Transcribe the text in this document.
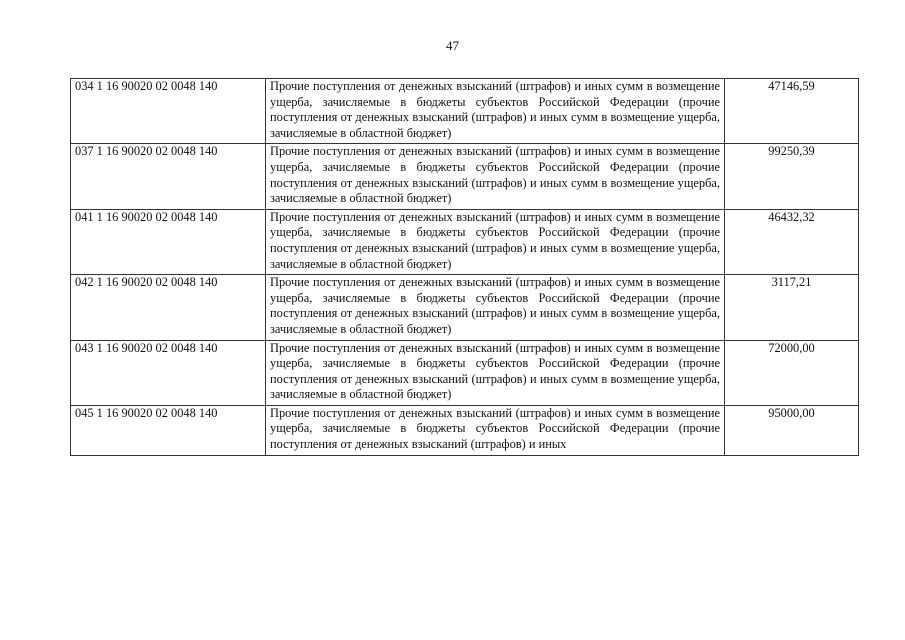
47
034 1 16 90020 02 0048 140	Прочие поступления от денежных взысканий (штрафов) и иных сумм в возмещение ущерба, зачисляемые в бюджеты субъектов Российской Федерации (прочие поступления от денежных взысканий (штрафов) и иных сумм в возмещение ущерба, зачисляемые в областной бюджет)	47146,59
037 1 16 90020 02 0048 140	Прочие поступления от денежных взысканий (штрафов) и иных сумм в возмещение ущерба, зачисляемые в бюджеты субъектов Российской Федерации (прочие поступления от денежных взысканий (штрафов) и иных сумм в возмещение ущерба, зачисляемые в областной бюджет)	99250,39
041 1 16 90020 02 0048 140	Прочие поступления от денежных взысканий (штрафов) и иных сумм в возмещение ущерба, зачисляемые в бюджеты субъектов Российской Федерации (прочие поступления от денежных взысканий (штрафов) и иных сумм в возмещение ущерба, зачисляемые в областной бюджет)	46432,32
042 1 16 90020 02 0048 140	Прочие поступления от денежных взысканий (штрафов) и иных сумм в возмещение ущерба, зачисляемые в бюджеты субъектов Российской Федерации (прочие поступления от денежных взысканий (штрафов) и иных сумм в возмещение ущерба, зачисляемые в областной бюджет)	3117,21
043 1 16 90020 02 0048 140	Прочие поступления от денежных взысканий (штрафов) и иных сумм в возмещение ущерба, зачисляемые в бюджеты субъектов Российской Федерации (прочие поступления от денежных взысканий (штрафов) и иных сумм в возмещение ущерба, зачисляемые в областной бюджет)	72000,00
045 1 16 90020 02 0048 140	Прочие поступления от денежных взысканий (штрафов) и иных сумм в возмещение ущерба, зачисляемые в бюджеты субъектов Российской Федерации (прочие поступления от денежных взысканий (штрафов) и иных	95000,00
